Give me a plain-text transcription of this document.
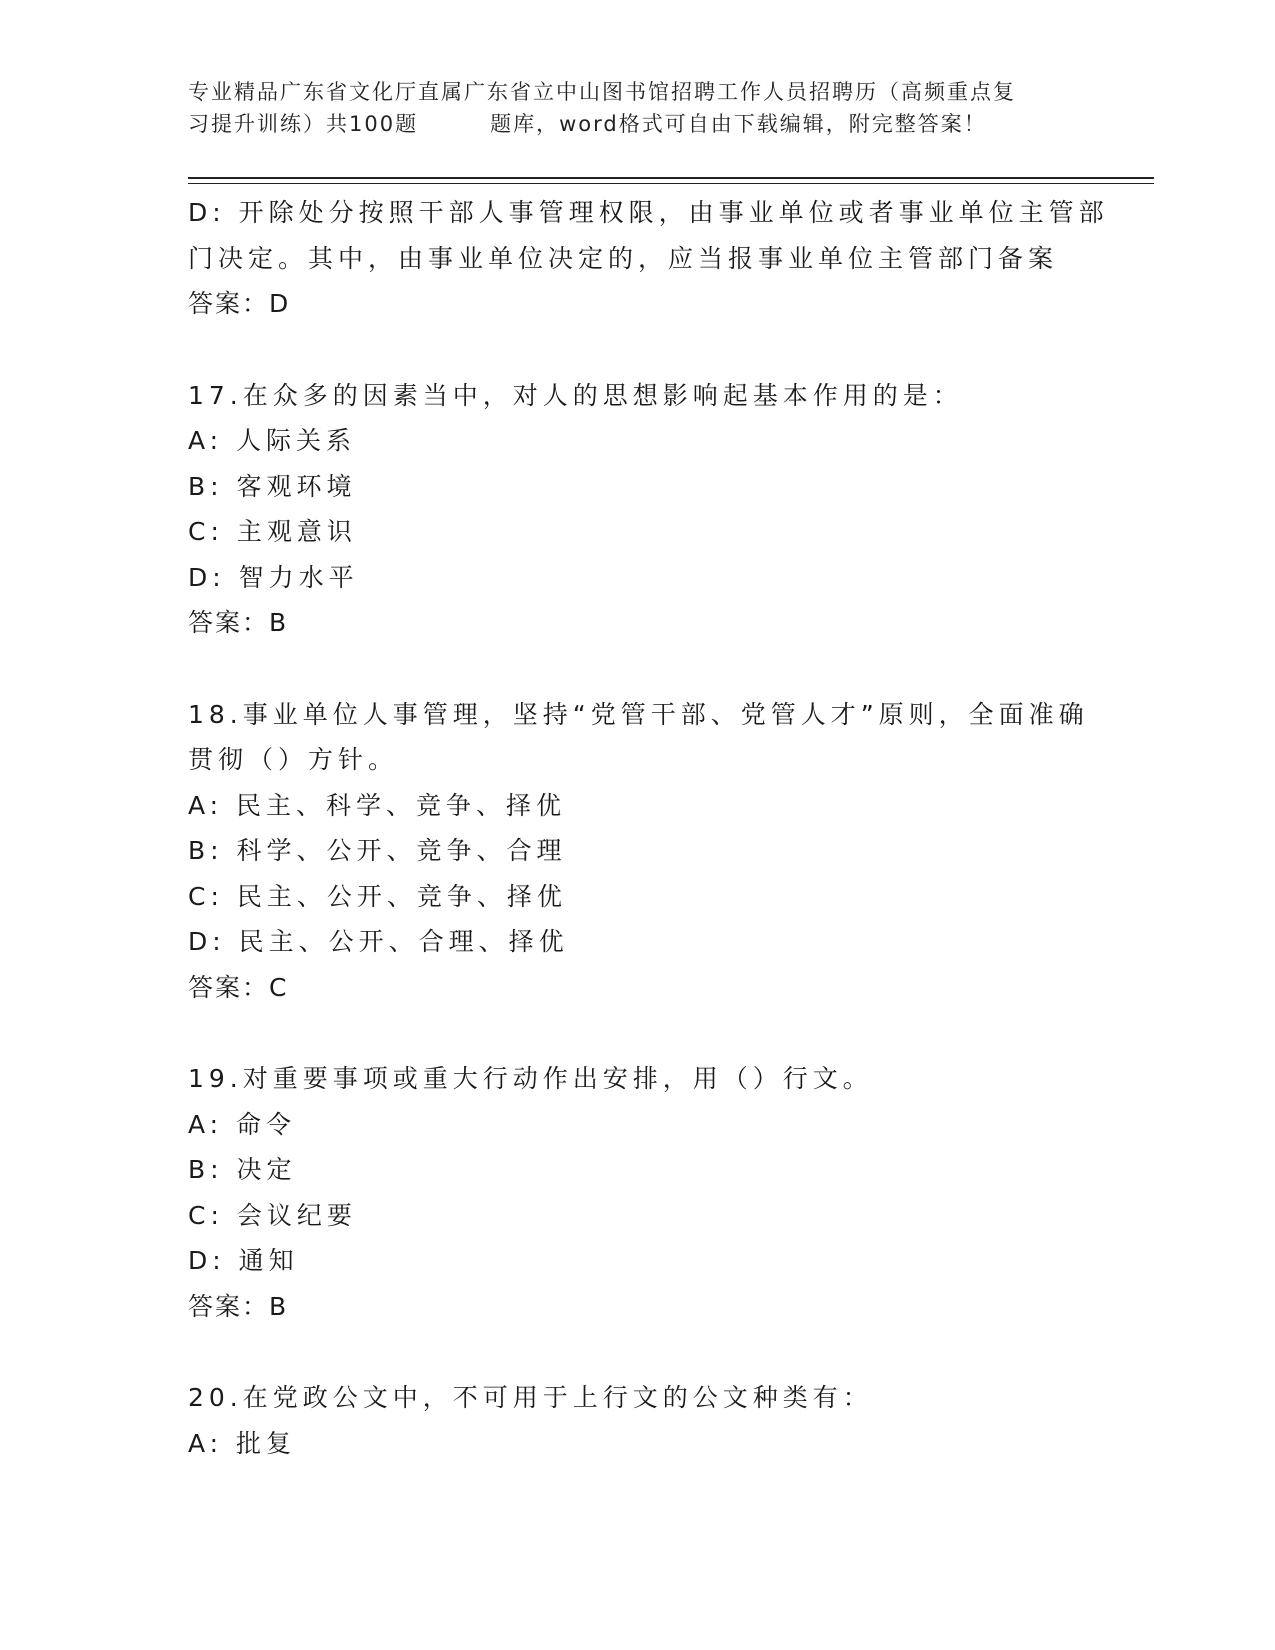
专业精品广东省文化厅直属广东省立中山图书馆招聘工作人员招聘历（高频重点复
习提升训练）共100题	题库，word格式可自由下载编辑，附完整答案！
D: 开除处分按照干部人事管理权限，由事业单位或者事业单位主管部
门决定。其中，由事业单位决定的，应当报事业单位主管部门备案
答案：D
17.在众多的因素当中，对人的思想影响起基本作用的是：
A: 人际关系
B: 客观环境
C: 主观意识
D: 智力水平
答案：B
18.事业单位人事管理，坚持“党管干部、党管人才”原则，全面准确
贯彻（）方针。
A: 民主、科学、竞争、择优
B: 科学、公开、竞争、合理
C: 民主、公开、竞争、择优
D: 民主、公开、合理、择优
答案：C
19.对重要事项或重大行动作出安排，用（）行文。
A: 命令
B: 决定
C: 会议纪要
D: 通知
答案：B
20.在党政公文中，不可用于上行文的公文种类有：
A: 批复
